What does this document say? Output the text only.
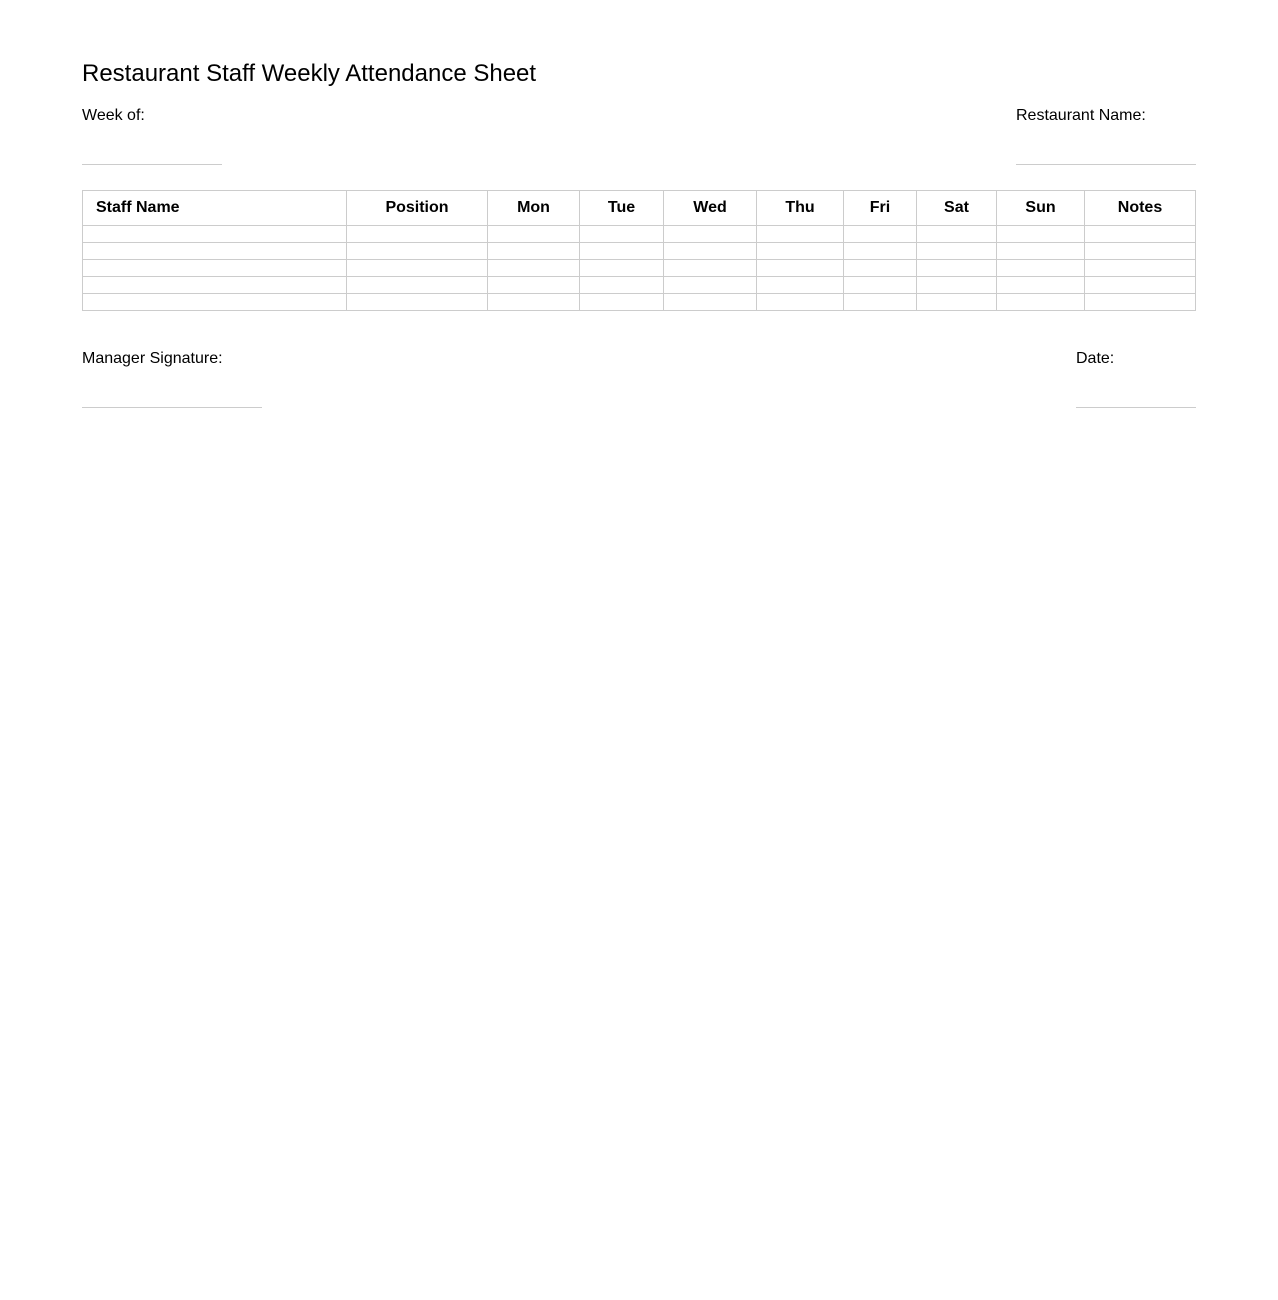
Restaurant Staff Weekly Attendance Sheet
Week of:	Restaurant Name:
Staff Name	Position	Mon	Tue	Wed	Thu	Fri	Sat	Sun	Notes

Manager Signature:	Date:
